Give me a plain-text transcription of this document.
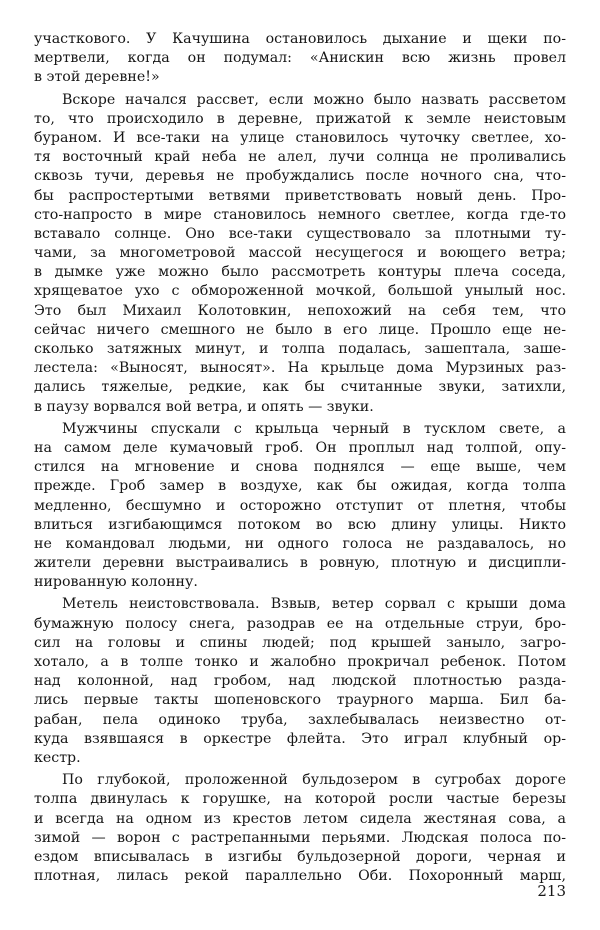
участкового. У Качушина остановилось дыхание и щеки по-
мертвели, когда он подумал: «Анискин всю жизнь провел
в этой деревне!»
Вскоре начался рассвет, если можно было назвать рассветом
то, что происходило в деревне, прижатой к земле неистовым
бураном. И все-таки на улице становилось чуточку светлее, хо-
тя восточный край неба не алел, лучи солнца не проливались
сквозь тучи, деревья не пробуждались после ночного сна, что-
бы распростертыми ветвями приветствовать новый день. Про-
сто-напросто в мире становилось немного светлее, когда где-то
вставало солнце. Оно все-таки существовало за плотными ту-
чами, за многометровой массой несущегося и воющего ветра;
в дымке уже можно было рассмотреть контуры плеча соседа,
хрящеватое ухо с обмороженной мочкой, большой унылый нос.
Это был Михаил Колотовкин, непохожий на себя тем, что
сейчас ничего смешного не было в его лице. Прошло еще не-
сколько затяжных минут, и толпа подалась, зашептала, заше-
лестела: «Выносят, выносят». На крыльце дома Мурзиных раз-
дались тяжелые, редкие, как бы считанные звуки, затихли,
в паузу ворвался вой ветра, и опять — звуки.
Мужчины спускали с крыльца черный в тусклом свете, а
на самом деле кумачовый гроб. Он проплыл над толпой, опу-
стился на мгновение и снова поднялся — еще выше, чем
прежде. Гроб замер в воздухе, как бы ожидая, когда толпа
медленно, бесшумно и осторожно отступит от плетня, чтобы
влиться изгибающимся потоком во всю длину улицы. Никто
не командовал людьми, ни одного голоса не раздавалось, но
жители деревни выстраивались в ровную, плотную и дисципли-
нированную колонну.
Метель неистовствовала. Взвыв, ветер сорвал с крыши дома
бумажную полосу снега, разодрав ее на отдельные струи, бро-
сил на головы и спины людей; под крышей заныло, загро-
хотало, а в толпе тонко и жалобно прокричал ребенок. Потом
над колонной, над гробом, над людской плотностью разда-
лись первые такты шопеновского траурного марша. Бил ба-
рабан, пела одиноко труба, захлебывалась неизвестно от-
куда взявшаяся в оркестре флейта. Это играл клубный ор-
кестр.
По глубокой, проложенной бульдозером в сугробах дороге
толпа двинулась к горушке, на которой росли частые березы
и всегда на одном из крестов летом сидела жестяная сова, а
зимой — ворон с растрепанными перьями. Людская полоса по-
ездом вписывалась в изгибы бульдозерной дороги, черная и
плотная, лилась рекой параллельно Оби. Похоронный марш,
213
